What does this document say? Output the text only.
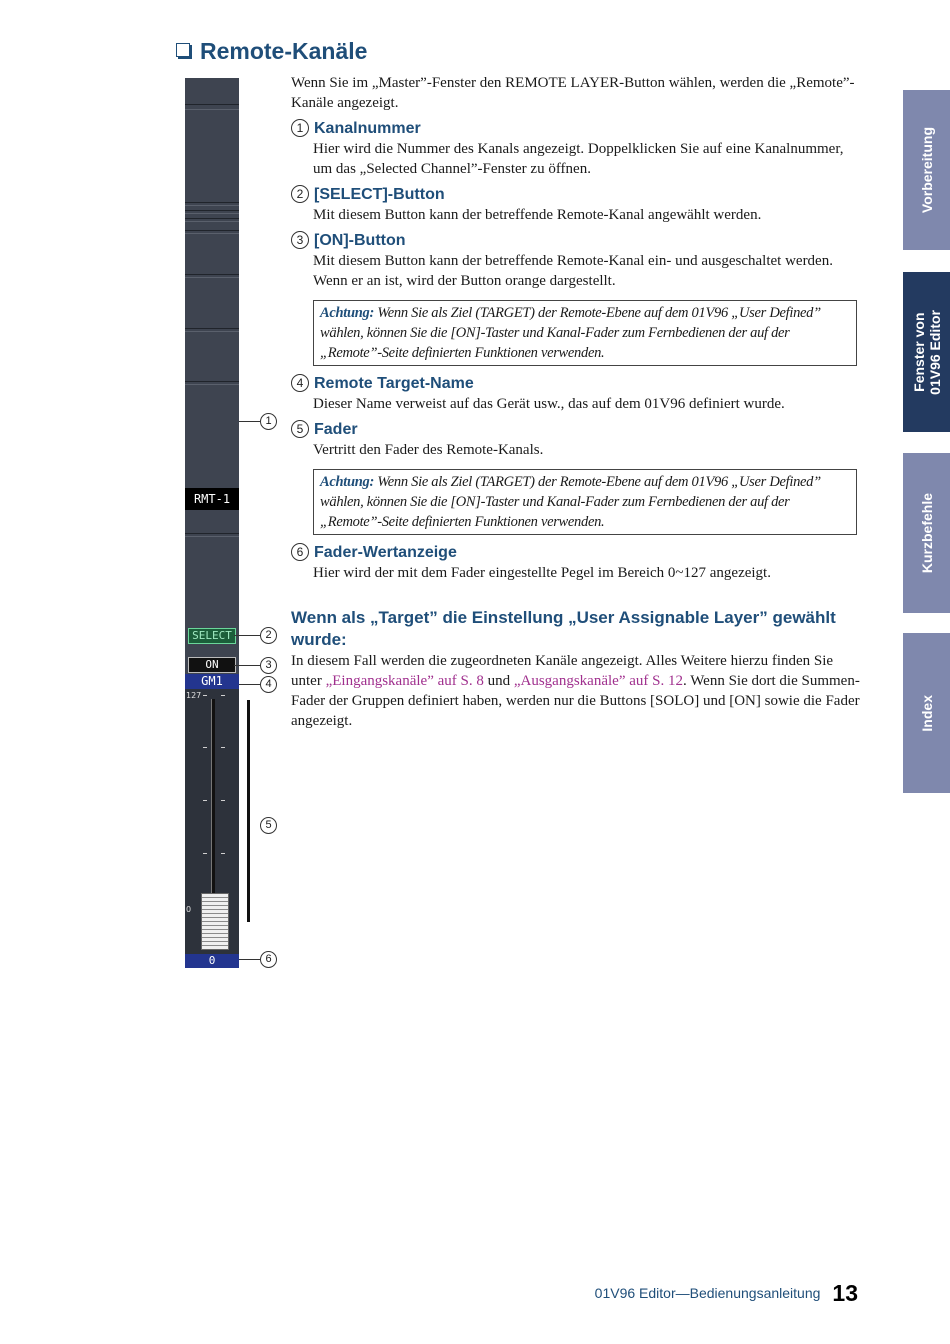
Remote-Kanäle
RMT-1
SELECT
ON
GM1
127
0
0
1
2
3
4
5
6

Wenn Sie im „Master”-Fenster den REMOTE LAYER-Button wählen, werden die „Remote”-Kanäle angezeigt.

1 Kanalnummer
Hier wird die Nummer des Kanals angezeigt. Doppelklicken Sie auf eine Kanalnummer, um das „Selected Channel”-Fenster zu öffnen.
2 [SELECT]-Button
Mit diesem Button kann der betreffende Remote-Kanal angewählt werden.
3 [ON]-Button
Mit diesem Button kann der betreffende Remote-Kanal ein- und ausgeschaltet werden. Wenn er an ist, wird der Button orange dargestellt.
Achtung: Wenn Sie als Ziel (TARGET) der Remote-Ebene auf dem 01V96 „User Defined” wählen, können Sie die [ON]-Taster und Kanal-Fader zum Fernbedienen der auf der „Remote”-Seite definierten Funktionen verwenden.
4 Remote Target-Name
Dieser Name verweist auf das Gerät usw., das auf dem 01V96 definiert wurde.
5 Fader
Vertritt den Fader des Remote-Kanals.
Achtung: Wenn Sie als Ziel (TARGET) der Remote-Ebene auf dem 01V96 „User Defined” wählen, können Sie die [ON]-Taster und Kanal-Fader zum Fernbedienen der auf der „Remote”-Seite definierten Funktionen verwenden.
6 Fader-Wertanzeige
Hier wird der mit dem Fader eingestellte Pegel im Bereich 0~127 angezeigt.
Wenn als „Target” die Einstellung „User Assignable Layer” gewählt wurde:

In diesem Fall werden die zugeordneten Kanäle angezeigt. Alles Weitere hierzu finden Sie unter „Eingangskanäle” auf S. 8 und „Ausgangskanäle” auf S. 12. Wenn Sie dort die Summen-Fader der Gruppen definiert haben, werden nur die Buttons [SOLO] und [ON] sowie die Fader angezeigt.

Vorbereitung
Fenster von
01V96 Editor
Kurzbefehle
Index
01V96 Editor—Bedienungsanleitung 13
